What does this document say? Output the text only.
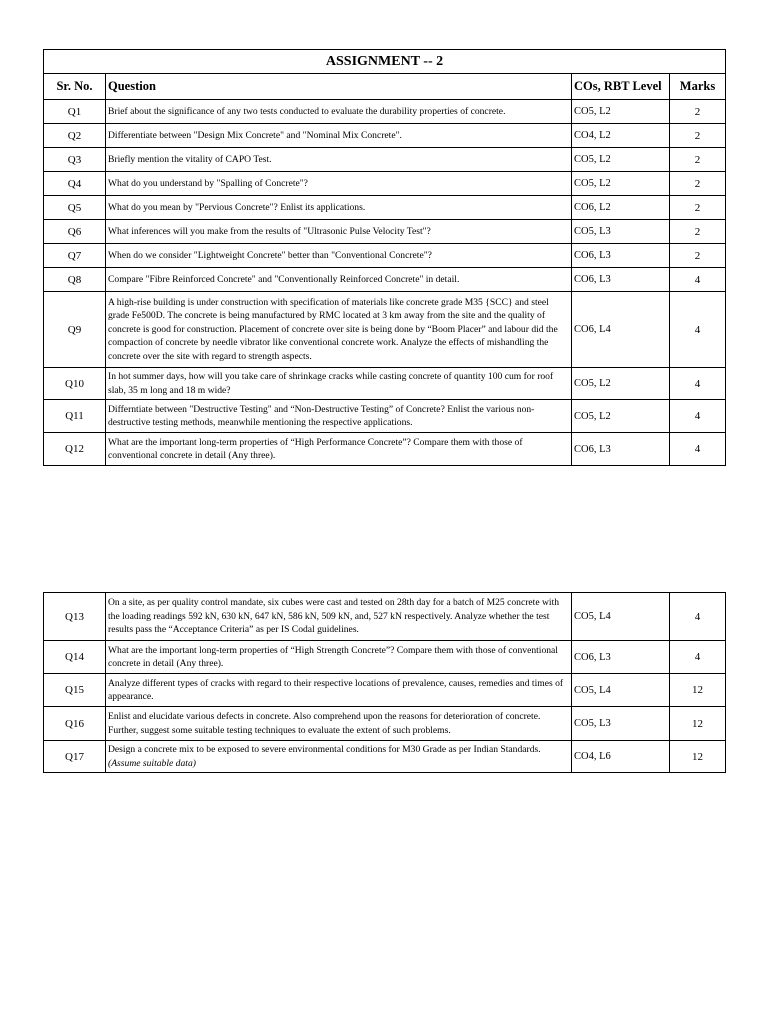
ASSIGNMENT -- 2			
Sr. No.	Question	COs, RBT Level	Marks
Q1	Brief about the significance of any two tests conducted to evaluate the durability properties of concrete.	CO5, L2	2
Q2	Differentiate between "Design Mix Concrete" and "Nominal Mix Concrete".	CO4, L2	2
Q3	Briefly mention the vitality of CAPO Test.	CO5, L2	2
Q4	What do you understand by "Spalling of Concrete"?	CO5, L2	2
Q5	What do you mean by "Pervious Concrete"? Enlist its applications.	CO6, L2	2
Q6	What inferences will you make from the results of "Ultrasonic Pulse Velocity Test"?	CO5, L3	2
Q7	When do we consider "Lightweight Concrete" better than "Conventional Concrete"?	CO6, L3	2
Q8	Compare "Fibre Reinforced Concrete" and "Conventionally Reinforced Concrete" in detail.	CO6, L3	4
Q9	A high-rise building is under construction with specification of materials like concrete grade M35 {SCC} and steel grade Fe500D. The concrete is being manufactured by RMC located at 3 km away from the site and the quality of concrete is good for construction. Placement of concrete over site is being done by “Boom Placer” and labour did the compaction of concrete by needle vibrator like conventional concrete work. Analyze the effects of mishandling the concrete over the site with regard to strength aspects.	CO6, L4	4
Q10	In hot summer days, how will you take care of shrinkage cracks while casting concrete of quantity 100 cum for roof slab, 35 m long and 18 m wide?	CO5, L2	4
Q11	Differntiate between "Destructive Testing" and “Non-Destructive Testing” of Concrete? Enlist the various non-destructive testing methods, meanwhile mentioning the respective applications.	CO5, L2	4
Q12	What are the important long-term properties of “High Performance Concrete”? Compare them with those of conventional concrete in detail (Any three).	CO6, L3	4
Q13	On a site, as per quality control mandate, six cubes were cast and tested on 28th day for a batch of M25 concrete with the loading readings 592 kN, 630 kN, 647 kN, 586 kN, 509 kN, and, 527 kN respectively. Analyze whether the test results pass the “Acceptance Criteria” as per IS Codal guidelines.	CO5, L4	4
Q14	What are the important long-term properties of “High Strength Concrete”? Compare them with those of conventional concrete in detail (Any three).	CO6, L3	4
Q15	Analyze different types of cracks with regard to their respective locations of prevalence, causes, remedies and times of appearance.	CO5, L4	12
Q16	Enlist and elucidate various defects in concrete. Also comprehend upon the reasons for deterioration of concrete. Further, suggest some suitable testing techniques to evaluate the extent of such problems.	CO5, L3	12
Q17	Design a concrete mix to be exposed to severe environmental conditions for M30 Grade as per Indian Standards. (Assume suitable data)	CO4, L6	12
